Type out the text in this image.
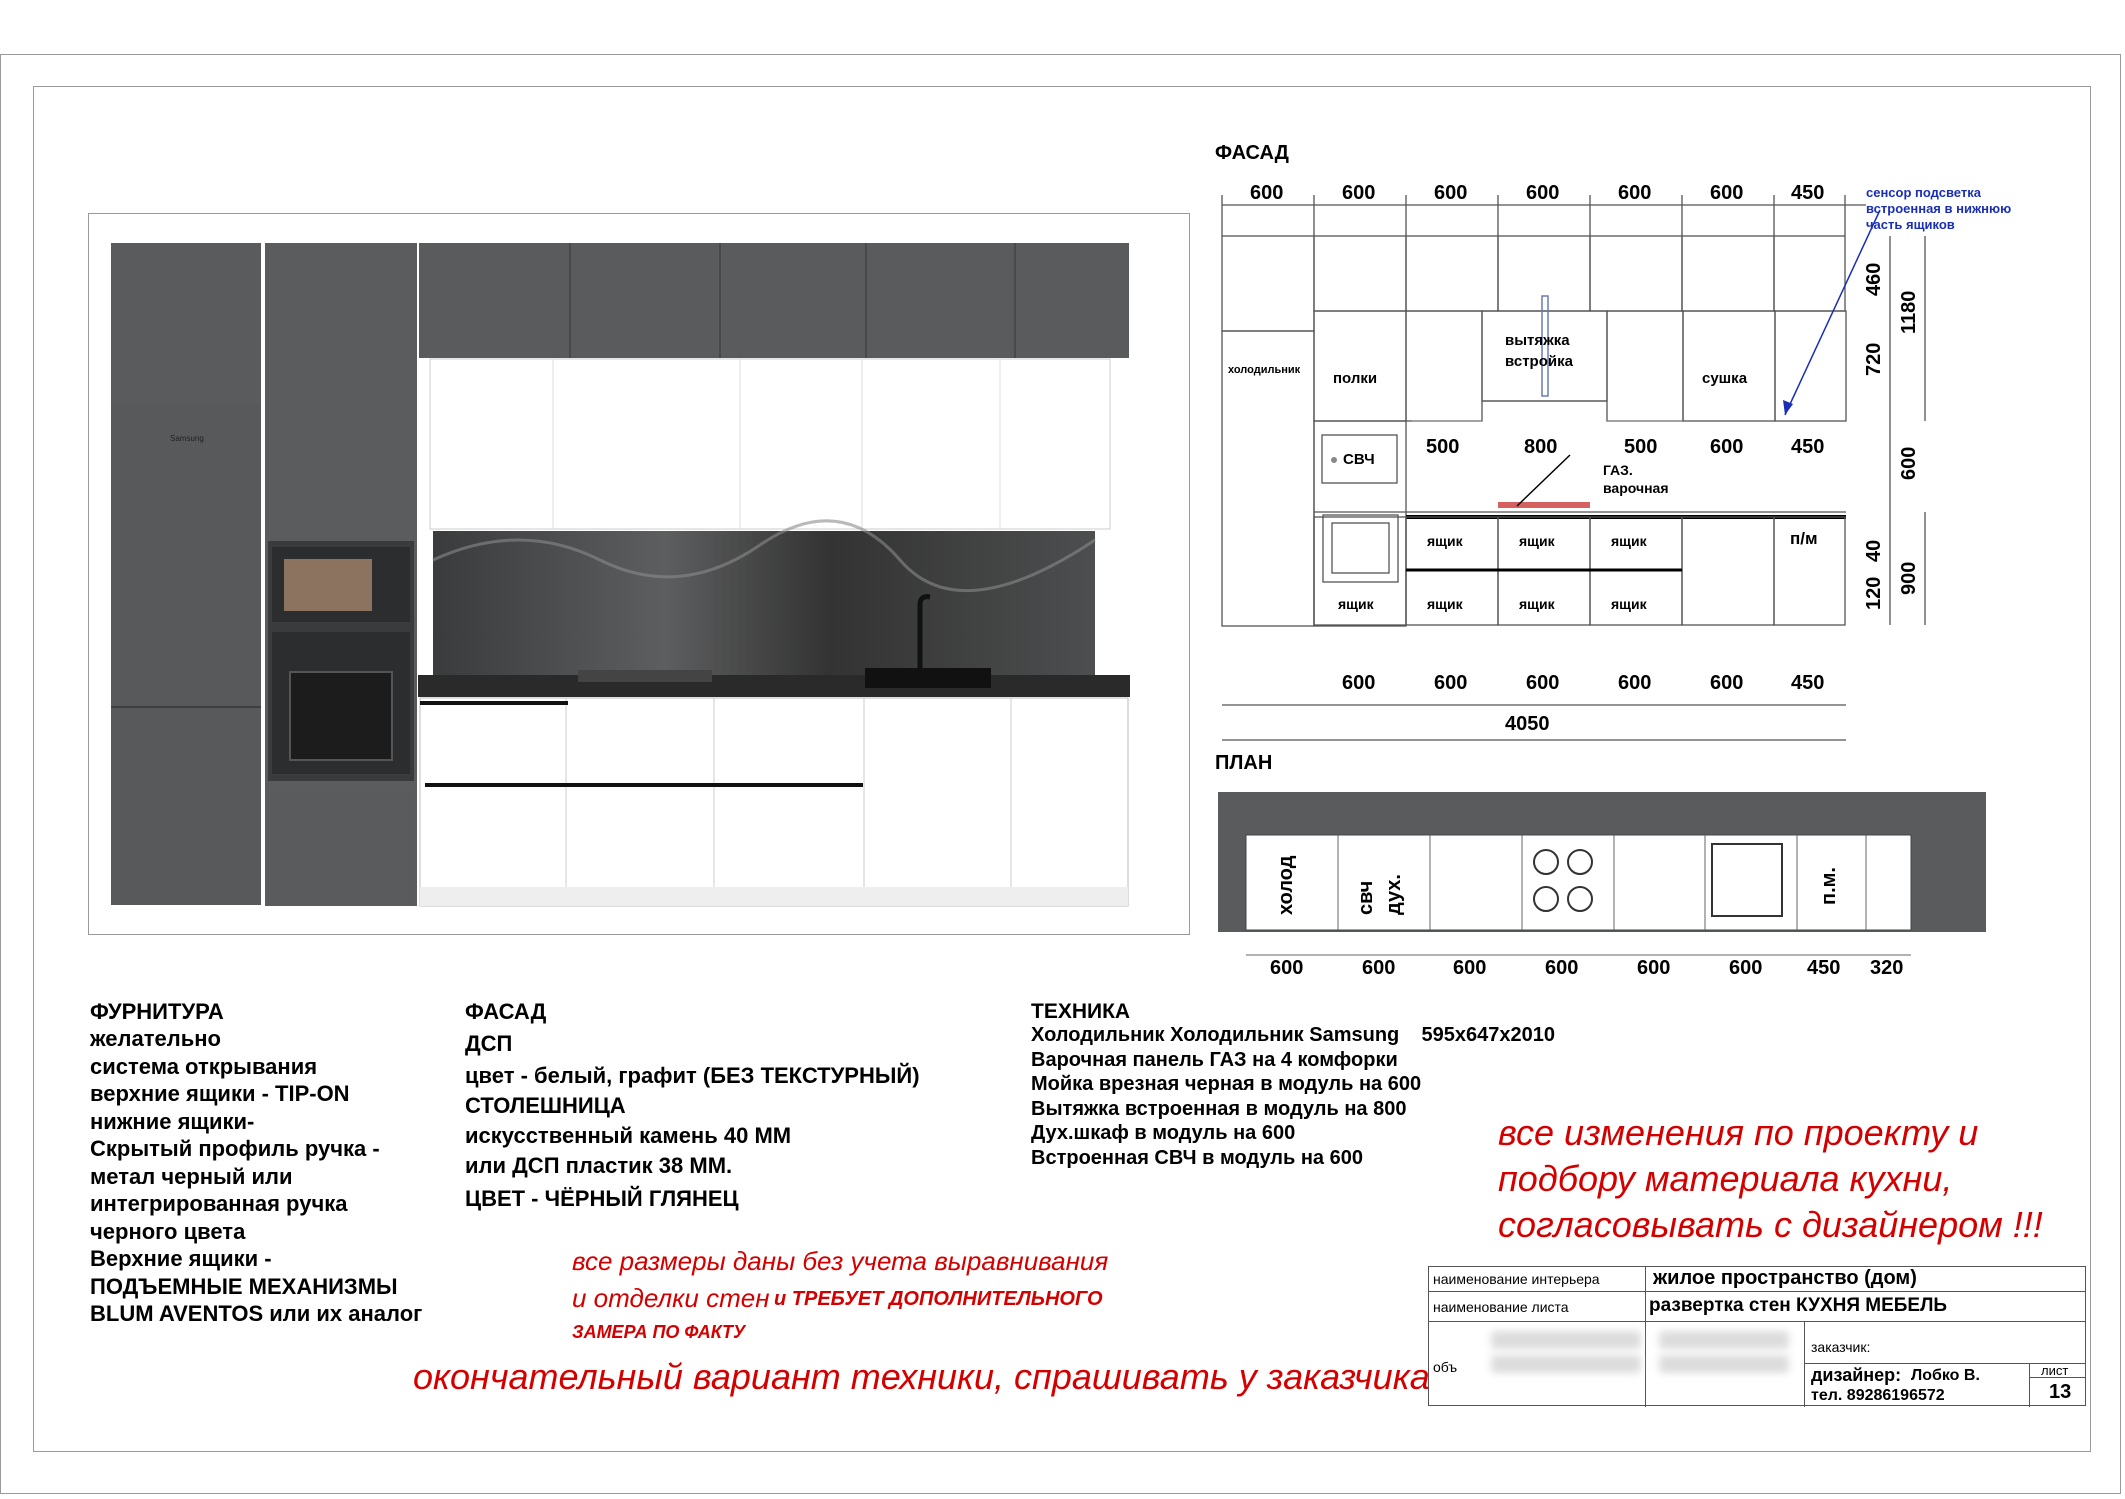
Samsung
ФАСАД
600	600	600	600	600	600 450
500	800	500	600 450
600	600	600	600	600 450
4050
460
720
1180
600
40
120 900
холодильник полки
вытяжка
встройка
сушка
СВЧ
ГАЗ.
варочная
п/м
ящик	ящик	ящик
ящик	ящик	ящик	ящик
сенсор подсветка
встроенная в нижнюю
часть ящиков
ПЛАН
холод	свч дух.	п.м.
600	600	600	600	600	600 450 320
ФУРНИТУРА
желательно
система открывания
верхние ящики - TIP-ON
нижние ящики-
Скрытый профиль ручка -
метал черный или
интегрированная ручка
черного цвета
Верхние ящики -
ПОДЪЕМНЫЕ МЕХАНИЗМЫ
BLUM AVENTOS или их аналог
ФАСАД
ДСП
цвет - белый, графит (БЕЗ ТЕКСТУРНЫЙ)
СТОЛЕШНИЦА
искусственный камень 40 ММ
или ДСП пластик 38 ММ.
ЦВЕТ - ЧЁРНЫЙ ГЛЯНЕЦ
ТЕХНИКА
Холодильник Холодильник Samsung    595x647x2010
Варочная панель ГАЗ на 4 комфорки
Мойка врезная черная в модуль на 600
Вытяжка встроенная в модуль на 800
Дух.шкаф в модуль на 600
Встроенная СВЧ в модуль на 600
все размеры даны без учета выравнивания
и отделки стен и ТРЕБУЕТ ДОПОЛНИТЕЛЬНОГО
ЗАМЕРА ПО ФАКТУ
все изменения по проекту и
подбору материала кухни,
согласовывать с дизайнером !!!
окончательный вариант техники, спрашивать у заказчика
наименование интерьера	жилое пространство (дом)
наименование листа	развертка стен КУХНЯ МЕБЕЛЬ
объ
заказчик:
дизайнер: Лобко В.
тел. 89286196572
лист
13
